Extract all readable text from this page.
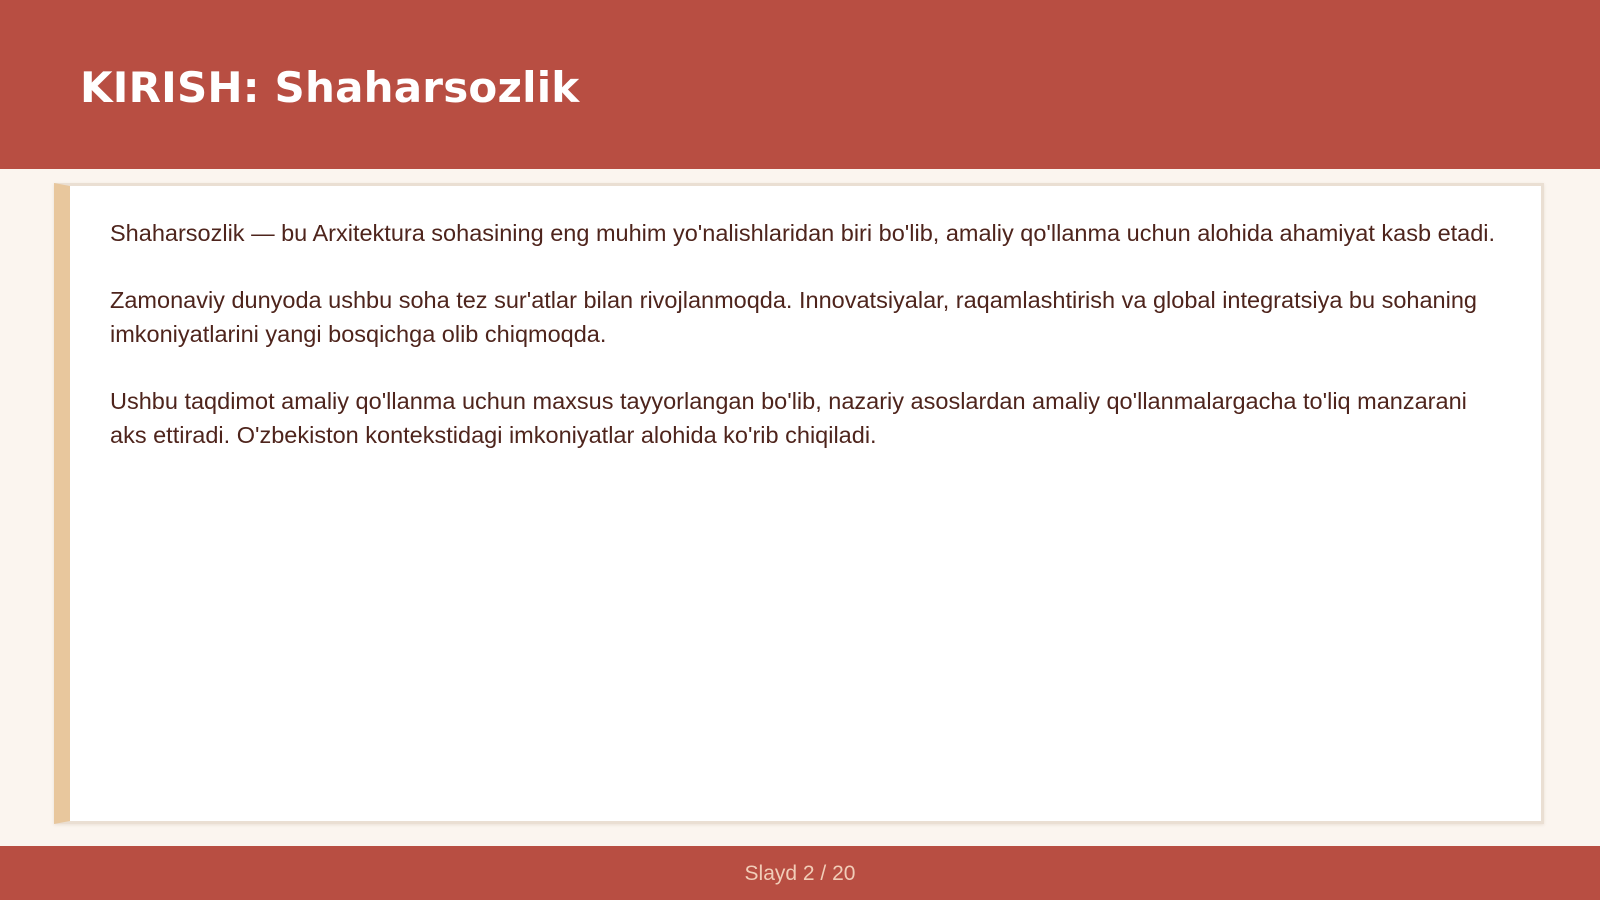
KIRISH: Shaharsozlik

Shaharsozlik — bu Arxitektura sohasining eng muhim yo'nalishlaridan biri bo'lib, amaliy qo'llanma uchun alohida ahamiyat kasb etadi.

Zamonaviy dunyoda ushbu soha tez sur'atlar bilan rivojlanmoqda. Innovatsiyalar, raqamlashtirish va global integratsiya bu sohaning imkoniyatlarini yangi bosqichga olib chiqmoqda.

Ushbu taqdimot amaliy qo'llanma uchun maxsus tayyorlangan bo'lib, nazariy asoslardan amaliy qo'llanmalargacha to'liq manzarani aks ettiradi. O'zbekiston kontekstidagi imkoniyatlar alohida ko'rib chiqiladi.

Slayd 2 / 20
